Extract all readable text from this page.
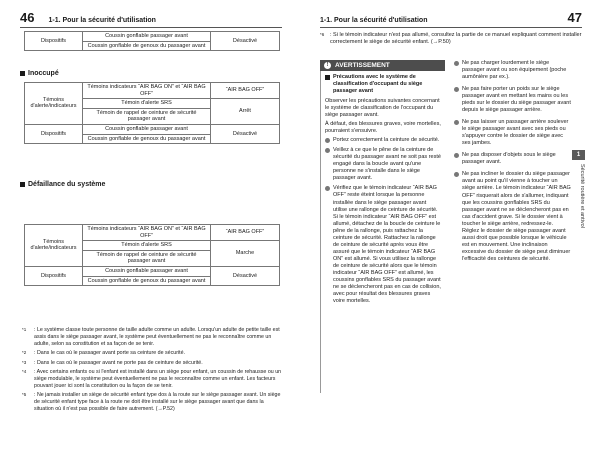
46 1-1. Pour la sécurité d'utilisation	1-1. Pour la sécurité d'utilisation	47
Dispositifs	Coussin gonflable passager avant	Désactivé
Coussin gonflable de genoux du passager avant
Inoccupé
Témoins d'alerte/indicateurs	Témoins indicateurs “AIR BAG ON” et “AIR BAG OFF”	“AIR BAG OFF”
	Témoin d'alerte SRS	Arrêt
	Témoin de rappel de ceinture de sécurité passager avant	
Dispositifs	Coussin gonflable passager avant	Désactivé
	Coussin gonflable de genoux du passager avant	
Défaillance du système
Témoins d'alerte/indicateurs	Témoins indicateurs “AIR BAG ON” et “AIR BAG OFF”	“AIR BAG OFF”
	Témoin d'alerte SRS	Marche
	Témoin de rappel de ceinture de sécurité passager avant	
Dispositifs	Coussin gonflable passager avant	Désactivé
	Coussin gonflable de genoux du passager avant	
*1	: Le système classe toute personne de taille adulte comme un adulte. Lorsqu'un adulte de petite taille est assis dans le siège passager avant, le système peut éventuellement ne pas le reconnaître comme un adulte, selon sa constitution et sa façon de se tenir.
*2	: Dans le cas où le passager avant porte sa ceinture de sécurité.
*3	: Dans le cas où le passager avant ne porte pas de ceinture de sécurité.
*4	: Avec certains enfants ou si l'enfant est installé dans un siège pour enfant, un coussin de rehausse ou un siège modulable, le système peut éventuellement ne pas le reconnaître comme un enfant. Les facteurs pouvant jouer ici sont la constitution ou la façon de se tenir.
*5	: Ne jamais installer un siège de sécurité enfant type dos à la route sur le siège passager avant. Un siège de sécurité enfant type face à la route ne doit être installé sur le siège passager avant que dans la situation où il n'est pas possible de faire autrement. (→P.52)
*6	: Si le témoin indicateur n'est pas allumé, consultez la partie de ce manuel expliquant comment installer correctement le siège de sécurité enfant. (→P.50)
!	AVERTISSEMENT
Précautions avec le système de classification d'occupant du siège passager avant

Observer les précautions suivantes concernant le système de classification de l'occupant du siège passager avant.

À défaut, des blessures graves, voire mortelles, pourraient s'ensuivre.

Portez correctement la ceinture de sécurité.
Veillez à ce que le pêne de la ceinture de sécurité du passager avant ne soit pas resté engagé dans la boucle avant qu'une personne ne s'installe dans le siège passager avant.
Vérifiez que le témoin indicateur “AIR BAG OFF” reste éteint lorsque la personne installée dans le siège passager avant utilise une rallonge de ceinture de sécurité. Si le témoin indicateur “AIR BAG OFF” est allumé, détachez de la boucle de ceinture le pêne de la rallonge, puis rattachez la ceinture de sécurité. Rattachez la rallonge de ceinture de sécurité après vous être assuré que le témoin indicateur “AIR BAG ON” est allumé. Si vous utilisez la rallonge de ceinture de sécurité alors que le témoin indicateur “AIR BAG OFF” est allumé, les coussins gonflables SRS du passager avant ne se déclencheront pas en cas de collision, avec pour résultat des blessures graves voire mortelles.
Ne pas charger lourdement le siège passager avant ou son équipement (poche aumônière par ex.).
Ne pas faire porter un poids sur le siège passager avant en mettant les mains ou les pieds sur le dossier du siège passager avant depuis le siège passager arrière.
Ne pas laisser un passager arrière soulever le siège passager avant avec ses pieds ou s'appuyer contre le dossier de siège avec ses jambes.
Ne pas disposer d'objets sous le siège passager avant.
Ne pas incliner le dossier du siège passager avant au point qu'il vienne à toucher un siège arrière. Le témoin indicateur “AIR BAG OFF” risquerait alors de s'allumer, indiquant que les coussins gonflables SRS du passager avant ne se déclencheront pas en cas d'accident grave. Si le dossier vient à toucher le siège arrière, redressez-le. Réglez le dossier de siège passager avant aussi droit que possible lorsque le véhicule est en mouvement. Une inclinaison excessive du dossier de siège peut diminuer l'efficacité des ceintures de sécurité.
1
Sécurité routière et antivol
